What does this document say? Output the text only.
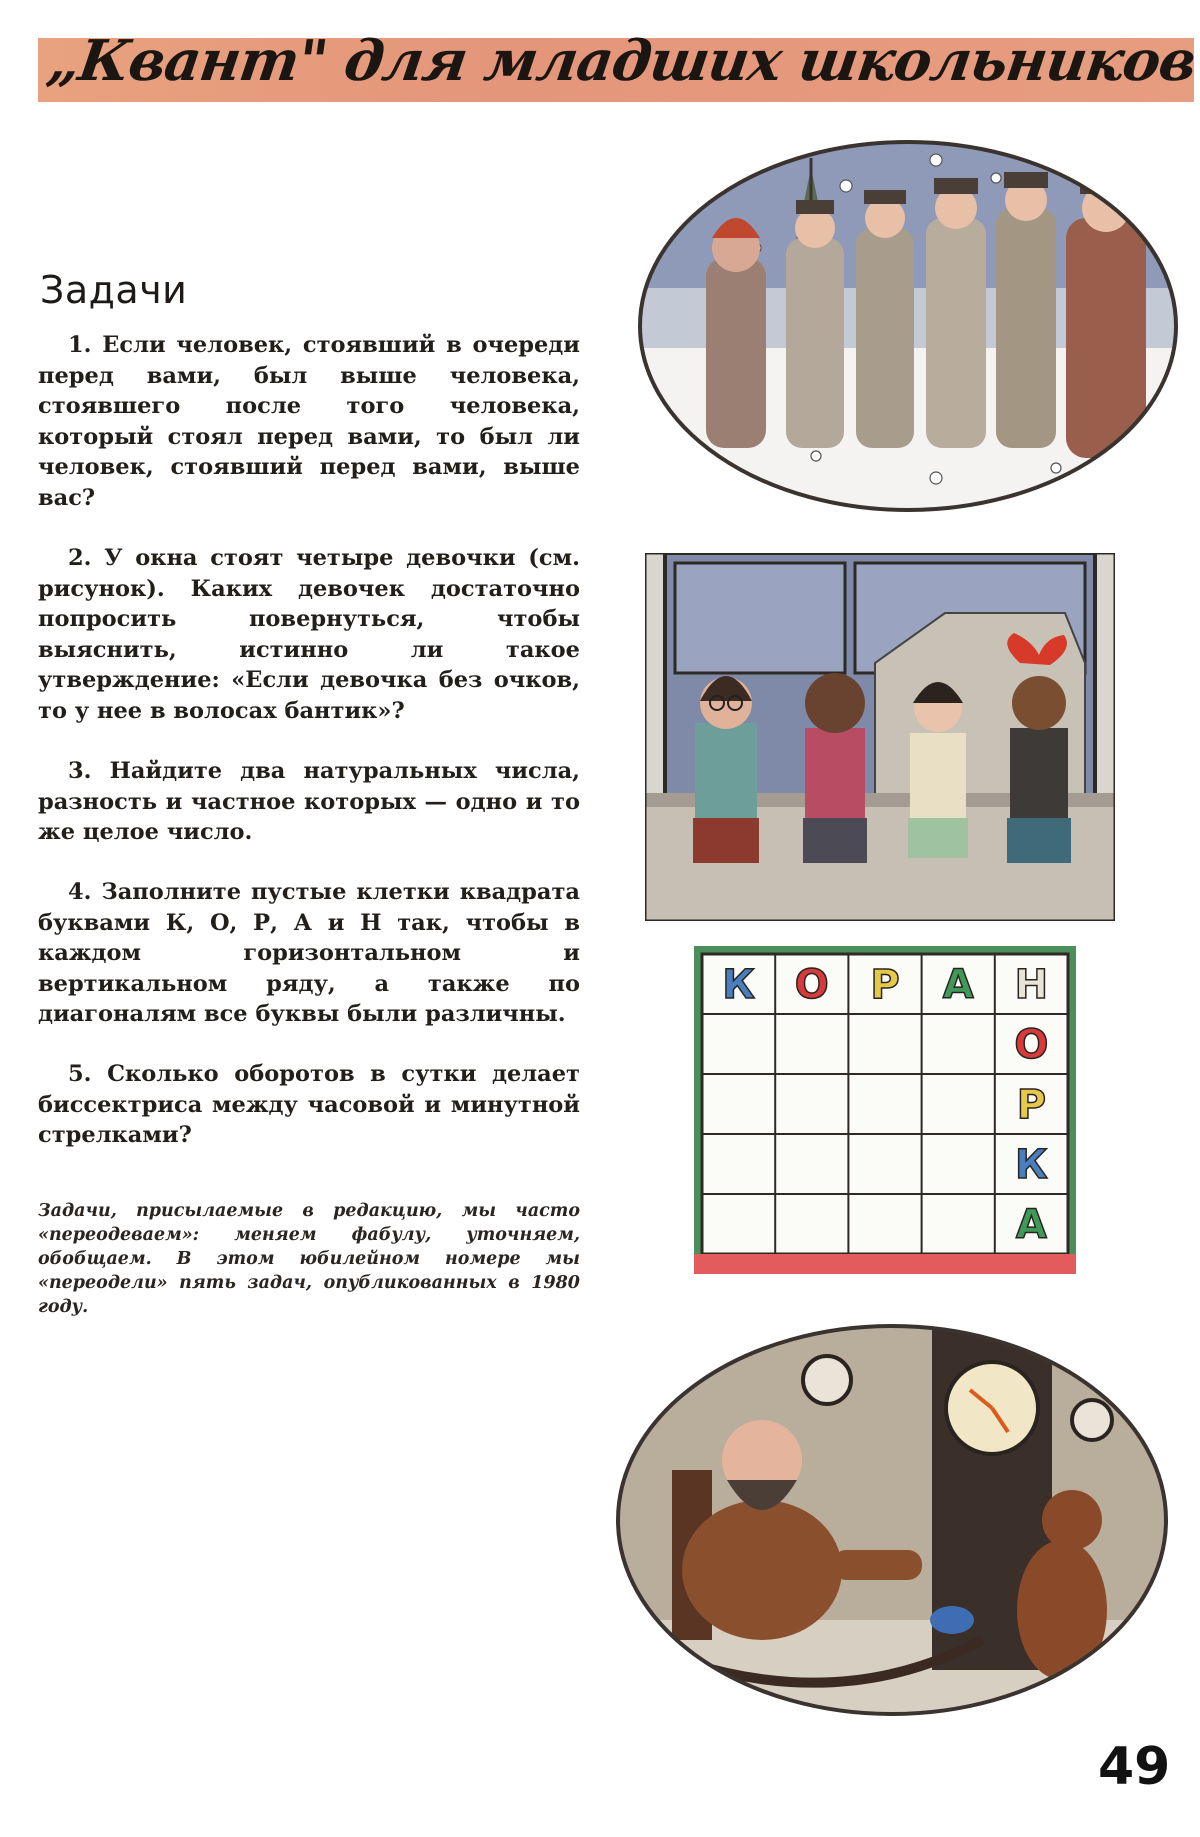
„Квант" для младших школьников
Задачи
1. Если человек, стоявший в очереди перед вами, был выше человека, стоявшего после того человека, который стоял перед вами, то был ли человек, стоявший перед вами, выше вас?
2. У окна стоят четыре девочки (см. рисунок). Каких девочек достаточно попросить повернуться, чтобы выяснить, истинно ли такое утверждение: «Если девочка без очков, то у нее в волосах бантик»?
3. Найдите два натуральных числа, разность и частное которых — одно и то же целое число.
4. Заполните пустые клетки квадрата буквами К, О, Р, А и Н так, чтобы в каждом горизонтальном и вертикальном ряду, а также по диагоналям все буквы были различны.
5. Сколько оборотов в сутки делает биссектриса между часовой и минутной стрелками?
Задачи, присылаемые в редакцию, мы часто «переодеваем»: меняем фабулу, уточняем, обобщаем. В этом юбилейном номере мы «переодели» пять задач, опубликованных в 1980 году.
К О Р А Н
О
Р
К
А
49
